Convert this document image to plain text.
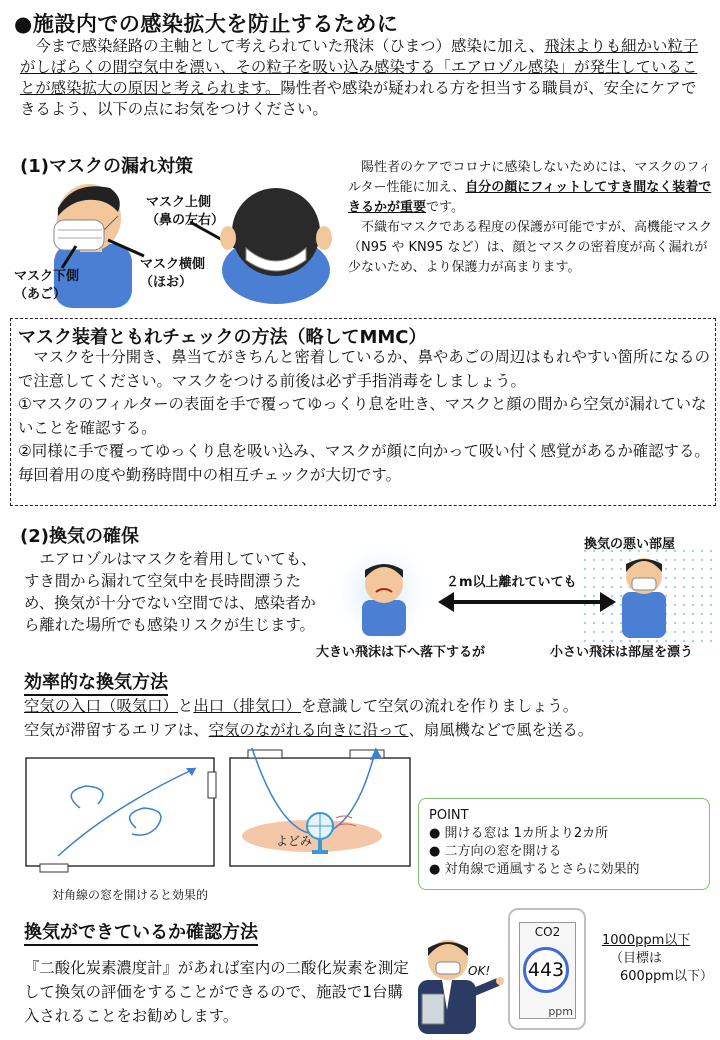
●施設内での感染拡大を防止するために
　今まで感染経路の主軸として考えられていた飛沫（ひまつ）感染に加え、飛沫よりも細かい粒子がしばらくの間空気中を漂い、その粒子を吸い込み感染する「エアロゾル感染」が発生していることが感染拡大の原因と考えられます。陽性者や感染が疑われる方を担当する職員が、安全にケアできるよう、以下の点にお気をつけください。
(1)マスクの漏れ対策
マスク上側
（鼻の左右）
マスク横側
（ほお）
マスク下側
（あご）
　陽性者のケアでコロナに感染しないためには、マスクのフィルター性能に加え、自分の顔にフィットしてすき間なく装着できるかが重要です。
　不織布マスクである程度の保護が可能ですが、高機能マスク（N95 や KN95 など）は、顔とマスクの密着度が高く漏れが少ないため、より保護力が高まります。
マスク装着ともれチェックの方法（略してMMC）

　マスクを十分開き、鼻当てがきちんと密着しているか、鼻やあごの周辺はもれやすい箇所になるので注意してください。マスクをつける前後は必ず手指消毒をしましょう。

①マスクのフィルターの表面を手で覆ってゆっくり息を吐き、マスクと顔の間から空気が漏れていないことを確認する。

②同様に手で覆ってゆっくり息を吸い込み、マスクが顔に向かって吸い付く感覚があるか確認する。毎回着用の度や勤務時間中の相互チェックが大切です。

(2)換気の確保
　エアロゾルはマスクを着用していても、すき間から漏れて空気中を長時間漂うため、換気が十分でない空間では、感染者から離れた場所でも感染リスクが生じます。
換気の悪い部屋
２m以上離れていても
大きい飛沫は下へ落下するが	小さい飛沫は部屋を漂う
効率的な換気方法
空気の入口（吸気口）と出口（排気口）を意識して空気の流れを作りましょう。
空気が滞留するエリアは、空気のながれる向きに沿って、扇風機などで風を送る。
よどみ
対角線の窓を開けると効果的
POINT
● 開ける窓は 1カ所より2カ所
● 二方向の窓を開ける
● 対角線で通風するとさらに効果的
換気ができているか確認方法
『二酸化炭素濃度計』があれば室内の二酸化炭素を測定して換気の評価をすることができるので、施設で1台購入されることをお勧めします。
OK!
CO2
443
ppm
1000ppm以下
（目標は
600ppm以下）
